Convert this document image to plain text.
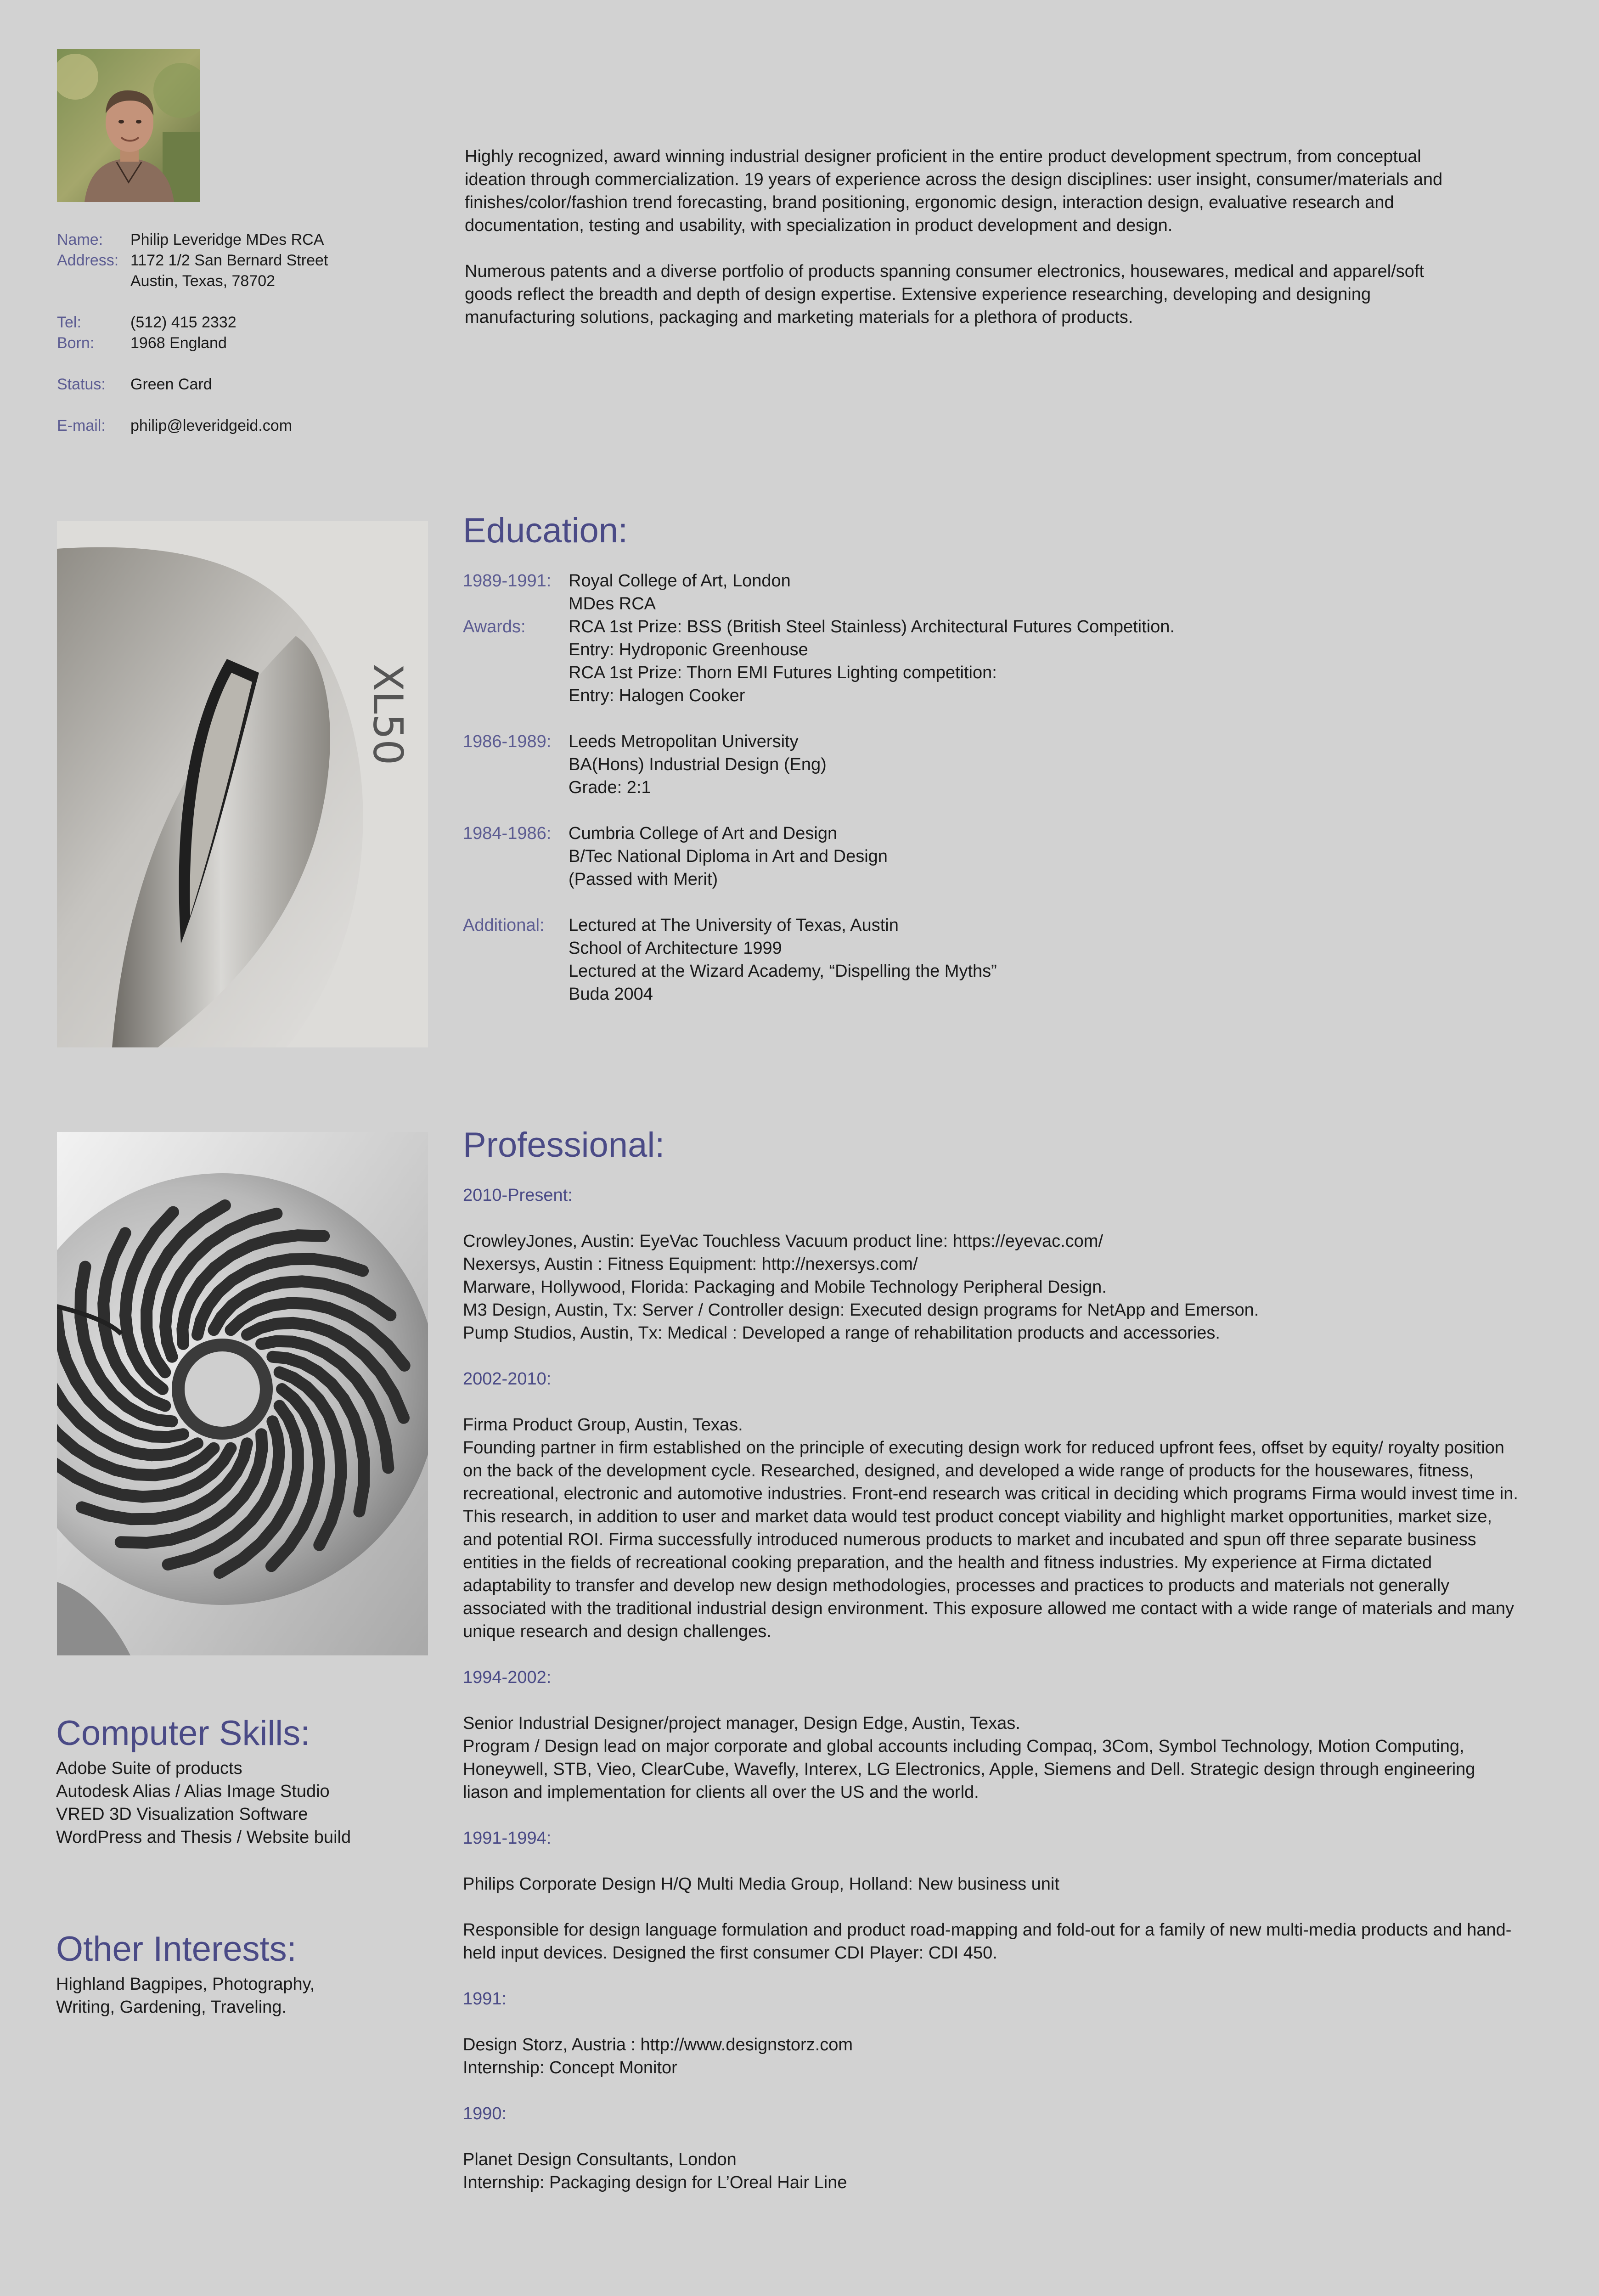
Name: Philip Leveridge MDes RCA
Address: 1172 1/2 San Bernard Street
Austin, Texas, 78702
Tel:	(512) 415 2332
Born: 1968 England
Status: Green Card
E-mail: philip@leveridgeid.com

Highly recognized, award winning industrial designer proficient in the entire product development spectrum, from conceptual ideation through commercialization. 19 years of experience across the design disciplines: user insight, consumer/materials and finishes/color/fashion trend forecasting, brand positioning, ergonomic design, interaction design, evaluative research and documentation, testing and usability, with specialization in product development and design.

Numerous patents and a diverse portfolio of products spanning consumer electronics, housewares, medical and apparel/soft goods reflect the breadth and depth of design expertise. Extensive experience researching, developing and designing manufacturing solutions, packaging and marketing materials for a plethora of products.

XL50
Education:
1989-1991: Royal College of Art, London
MDes RCA
Awards:	RCA 1st Prize: BSS (British Steel Stainless) Architectural Futures Competition.
Entry: Hydroponic Greenhouse
RCA 1st Prize: Thorn EMI Futures Lighting competition:
Entry: Halogen Cooker
1986-1989: Leeds Metropolitan University
BA(Hons) Industrial Design (Eng)
Grade: 2:1
1984-1986: Cumbria College of Art and Design
B/Tec National Diploma in Art and Design
(Passed with Merit)
Additional:	Lectured at The University of Texas, Austin
School of Architecture 1999
Lectured at the Wizard Academy, “Dispelling the Myths”
Buda 2004
Professional:
2010-Present:
CrowleyJones, Austin: EyeVac Touchless Vacuum product line: https://eyevac.com/
Nexersys, Austin : Fitness Equipment: http://nexersys.com/
Marware, Hollywood, Florida: Packaging and Mobile Technology Peripheral Design.
M3 Design, Austin, Tx: Server / Controller design: Executed design programs for NetApp and Emerson.
Pump Studios, Austin, Tx: Medical : Developed a range of rehabilitation products and accessories.
2002-2010:
Firma Product Group, Austin, Texas.
Founding partner in firm established on the principle of executing design work for reduced upfront fees, offset by equity/ royalty position on the back of the development cycle. Researched, designed, and developed a wide range of products for the housewares, fitness, recreational, electronic and automotive industries. Front-end research was critical in deciding which programs Firma would invest time in. This research, in addition to user and market data would test product concept viability and highlight market opportunities, market size, and potential ROI. Firma successfully introduced numerous products to market and incubated and spun off three separate business entities in the fields of recreational cooking preparation, and the health and fitness industries. My experience at Firma dictated adaptability to transfer and develop new design methodologies, processes and practices to products and materials not generally associated with the traditional industrial design environment. This exposure allowed me contact with a wide range of materials and many unique research and design challenges.
1994-2002:
Senior Industrial Designer/project manager, Design Edge, Austin, Texas.
Program / Design lead on major corporate and global accounts including Compaq, 3Com, Symbol Technology, Motion Computing, Honeywell, STB, Vieo, ClearCube, Wavefly, Interex, LG Electronics, Apple, Siemens and Dell. Strategic design through engineering liason and implementation for clients all over the US and the world.
1991-1994:
Philips Corporate Design H/Q Multi Media Group, Holland: New business unit
Responsible for design language formulation and product road-mapping and fold-out for a family of new multi-media products and hand-held input devices. Designed the first consumer CDI Player: CDI 450.
1991:
Design Storz, Austria : http://www.designstorz.com
Internship: Concept Monitor
1990:
Planet Design Consultants, London
Internship: Packaging design for L’Oreal Hair Line
Computer Skills:
Adobe Suite of products
Autodesk Alias / Alias Image Studio
VRED 3D Visualization Software
WordPress and Thesis / Website build
Other Interests:
Highland Bagpipes, Photography,
Writing, Gardening, Traveling.
